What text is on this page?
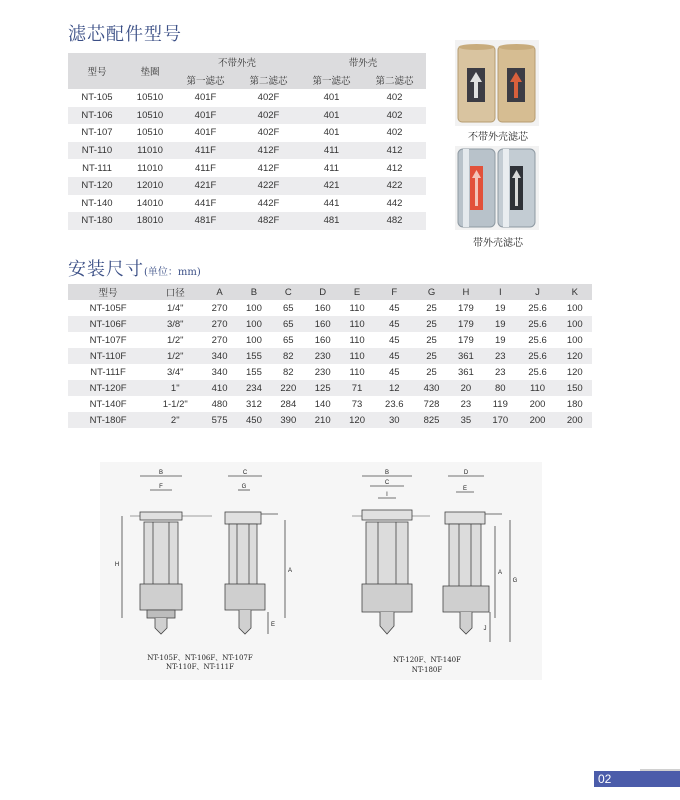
滤芯配件型号
型号	垫圈	不带外壳		带外壳	
		第一滤芯	第二滤芯	第一滤芯	第二滤芯
NT-105	10510	401F	402F	401	402
NT-106	10510	401F	402F	401	402
NT-107	10510	401F	402F	401	402
NT-110	11010	411F	412F	411	412
NT-111	11010	411F	412F	411	412
NT-120	12010	421F	422F	421	422
NT-140	14010	441F	442F	441	442
NT-180	18010	481F	482F	481	482
不带外壳滤芯
带外壳滤芯
安装尺寸(单位：mm)
型号	口径	A	B	C	D	E	F	G	H	I	J	K
NT-105F	1/4"	270	100	65	160	110	45	25	179	19	25.6	100
NT-106F	3/8"	270	100	65	160	110	45	25	179	19	25.6	100
NT-107F	1/2"	270	100	65	160	110	45	25	179	19	25.6	100
NT-110F	1/2"	340	155	82	230	110	45	25	361	23	25.6	120
NT-111F	3/4"	340	155	82	230	110	45	25	361	23	25.6	120
NT-120F	1"	410	234	220	125	71	12	430	20	80	110	150
NT-140F	1-1/2"	480	312	284	140	73	23.6	728	23	119	200	180
NT-180F	2"	575	450	390	210	120	30	825	35	170	200	200
B
F
H
C
G
A
E
B
C
I
D
E
A
G
J
NT-105F、NT-106F、NT-107F
NT-110F、NT-111F
NT-120F、NT-140F
NT-180F
02
